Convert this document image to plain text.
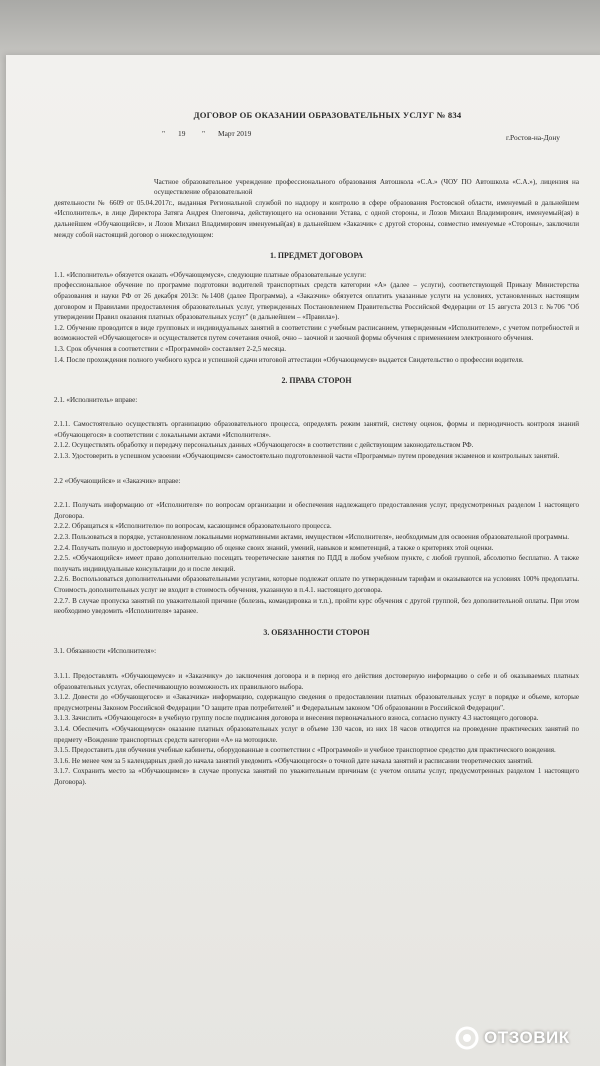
ДОГОВОР ОБ ОКАЗАНИИ ОБРАЗОВАТЕЛЬНЫХ УСЛУГ № 834
" 19 " Март 2019	г.Ростов-на-Дону

Частное образовательное учреждение профессионального образования Автошкола «С.А.» (ЧОУ ПО Автошкола «С.А.»), лицензия на осуществление образовательной

деятельности № 6609 от 05.04.2017г., выданная Региональной службой по надзору и контролю в сфере образования Ростовской области, именуемый в дальнейшем «Исполнитель», в лице Директора Затяга Андрея Олеговича, действующего на основании Устава, с одной стороны, и Лозов Михаил Владимирович, именуемый(ая) в дальнейшем «Обучающийся», и Лозов Михаил Владимирович именуемый(ая) в дальнейшем «Заказчик» с другой стороны, совместно именуемые «Стороны», заключили между собой настоящий договор о нижеследующем:

1. ПРЕДМЕТ ДОГОВОРА

1.1. «Исполнитель» обязуется оказать «Обучающемуся», следующие платные образовательные услуги:

профессиональное обучение по программе подготовки водителей транспортных средств категории «А» (далее – услуги), соответствующей Приказу Министерства образования и науки РФ от 26 декабря 2013г. №1408 (далее Программа), а «Заказчик» обязуется оплатить указанные услуги на условиях, установленных настоящим договором и Правилами предоставления образовательных услуг, утвержденных Постановлением Правительства Российской Федерации от 15 августа 2013 г. №706 "Об утверждении Правил оказания платных образовательных услуг" (в дальнейшем – «Правила»).

1.2. Обучение проводится в виде групповых и индивидуальных занятий в соответствии с учебным расписанием, утвержденным «Исполнителем», с учетом потребностей и возможностей «Обучающегося» и осуществляется путем сочетания очной, очно – заочной и заочной формы обучения с применением электронного обучения.

1.3. Срок обучения в соответствии с «Программой» составляет 2-2,5 месяца.

1.4. После прохождения полного учебного курса и успешной сдачи итоговой аттестации «Обучающемуся» выдается Свидетельство о профессии водителя.

2. ПРАВА СТОРОН

2.1. «Исполнитель» вправе:

2.1.1. Самостоятельно осуществлять организацию образовательного процесса, определять режим занятий, систему оценок, формы и периодичность контроля знаний «Обучающегося» в соответствии с локальными актами «Исполнителя».

2.1.2. Осуществлять обработку и передачу персональных данных «Обучающегося» в соответствии с действующим законодательством РФ.

2.1.3. Удостоверить в успешном усвоении «Обучающимся» самостоятельно подготовленной части «Программы» путем проведения экзаменов и контрольных занятий.

2.2 «Обучающийся» и «Заказчик» вправе:

2.2.1. Получать информацию от «Исполнителя» по вопросам организации и обеспечения надлежащего предоставления услуг, предусмотренных разделом 1 настоящего Договора.

2.2.2. Обращаться к «Исполнителю» по вопросам, касающимся образовательного процесса.

2.2.3. Пользоваться в порядке, установленном локальными нормативными актами, имуществом «Исполнителя», необходимым для освоения образовательной программы.

2.2.4. Получать полную и достоверную информацию об оценке своих знаний, умений, навыков и компетенций, а также о критериях этой оценки.

2.2.5. «Обучающийся» имеет право дополнительно посещать теоретические занятия по ПДД в любом учебном пункте, с любой группой, абсолютно бесплатно. А также получать индивидуальные консультации до и после лекций.

2.2.6. Воспользоваться дополнительными образовательными услугами, которые подлежат оплате по утвержденным тарифам и оказываются на условиях 100% предоплаты. Стоимость дополнительных услуг не входит в стоимость обучения, указанную в п.4.1. настоящего договора.

2.2.7. В случае пропуска занятий по уважительной причине (болезнь, командировка и т.п.), пройти курс обучения с другой группой, без дополнительной оплаты. При этом необходимо уведомить «Исполнителя» заранее.

3. ОБЯЗАННОСТИ СТОРОН

3.1. Обязанности «Исполнителя»:

3.1.1. Предоставлять «Обучающемуся» и «Заказчику» до заключения договора и в период его действия достоверную информацию о себе и об оказываемых платных образовательных услугах, обеспечивающую возможность их правильного выбора.

3.1.2. Довести до «Обучающегося» и «Заказчика» информацию, содержащую сведения о предоставлении платных образовательных услуг в порядке и объеме, которые предусмотрены Законом Российской Федерации "О защите прав потребителей" и Федеральным законом "Об образовании в Российской Федерации".

3.1.3. Зачислить «Обучающегося» в учебную группу после подписания договора и внесения первоначального взноса, согласно пункту 4.3 настоящего договора.

3.1.4. Обеспечить «Обучающемуся» оказание платных образовательных услуг в объеме 130 часов, из них 18 часов отводится на проведение практических занятий по предмету «Вождение транспортных средств категории «А» на мотоцикле.

3.1.5. Предоставить для обучения учебные кабинеты, оборудованные в соответствии с «Программой» и учебное транспортное средство для практического вождения.

3.1.6. Не менее чем за 5 календарных дней до начала занятий уведомить «Обучающегося» о точной дате начала занятий и расписании теоретических занятий.

3.1.7. Сохранить место за «Обучающимся» в случае пропуска занятий по уважительным причинам (с учетом оплаты услуг, предусмотренных разделом 1 настоящего Договора).

ОТЗОВИК
